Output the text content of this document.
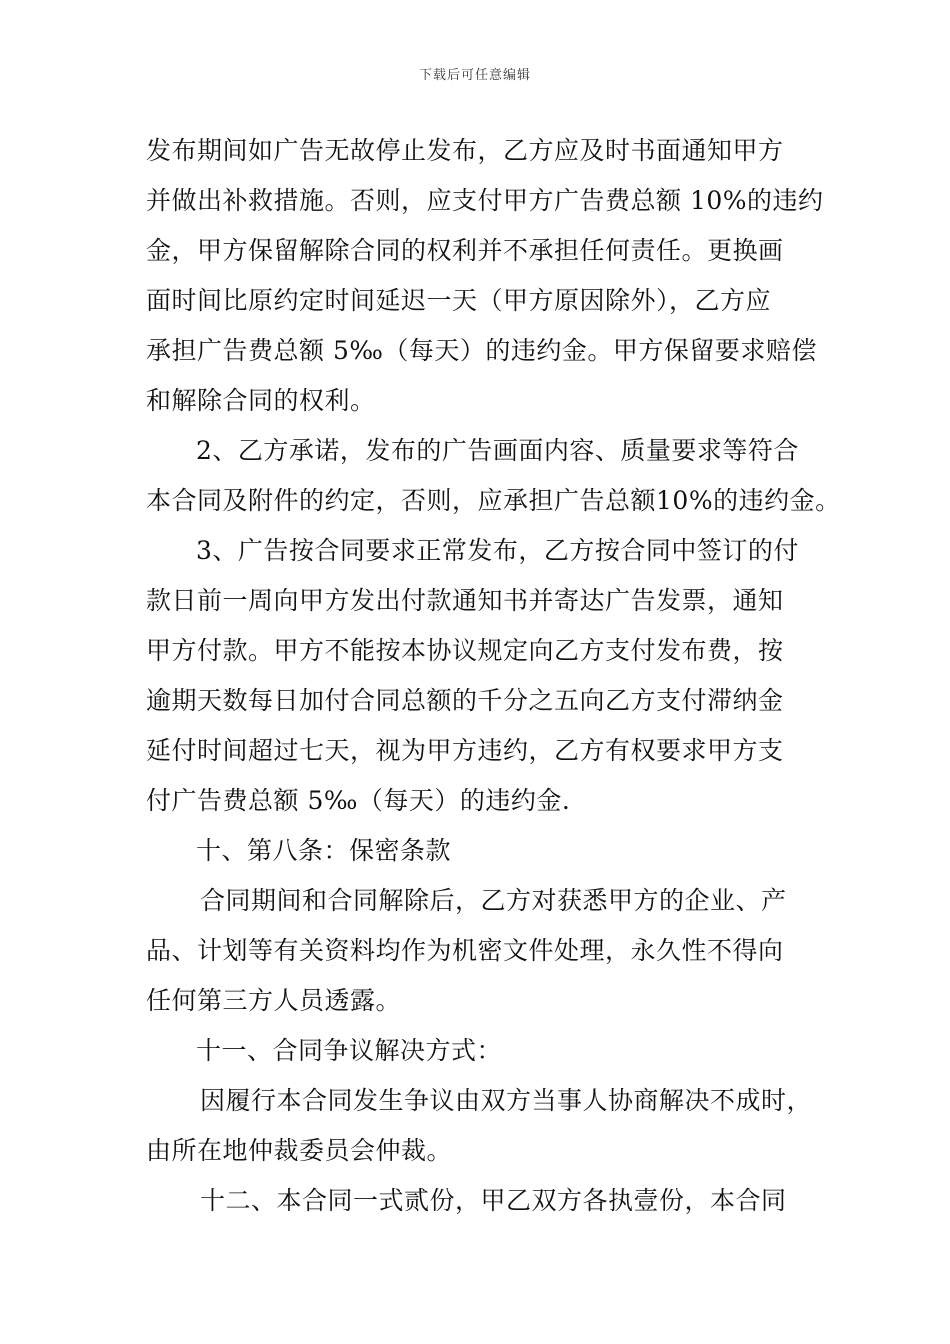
下载后可任意编辑
发布期间如广告无故停止发布，乙方应及时书面通知甲方
并做出补救措施。否则，应支付甲方广告费总额 10%的违约
金，甲方保留解除合同的权利并不承担任何责任。更换画
面时间比原约定时间延迟一天（甲方原因除外），乙方应
承担广告费总额 5‰（每天）的违约金。甲方保留要求赔偿
和解除合同的权利。
2、乙方承诺，发布的广告画面内容、质量要求等符合
本合同及附件的约定，否则，应承担广告总额10%的违约金。
3、广告按合同要求正常发布，乙方按合同中签订的付
款日前一周向甲方发出付款通知书并寄达广告发票，通知
甲方付款。甲方不能按本协议规定向乙方支付发布费，按
逾期天数每日加付合同总额的千分之五向乙方支付滞纳金
延付时间超过七天，视为甲方违约，乙方有权要求甲方支
付广告费总额 5‰（每天）的违约金.
十、第八条：保密条款
合同期间和合同解除后，乙方对获悉甲方的企业、产
品、计划等有关资料均作为机密文件处理，永久性不得向
任何第三方人员透露。
十一、合同争议解决方式：
因履行本合同发生争议由双方当事人协商解决不成时，
由所在地仲裁委员会仲裁。
十二、本合同一式贰份，甲乙双方各执壹份，本合同
